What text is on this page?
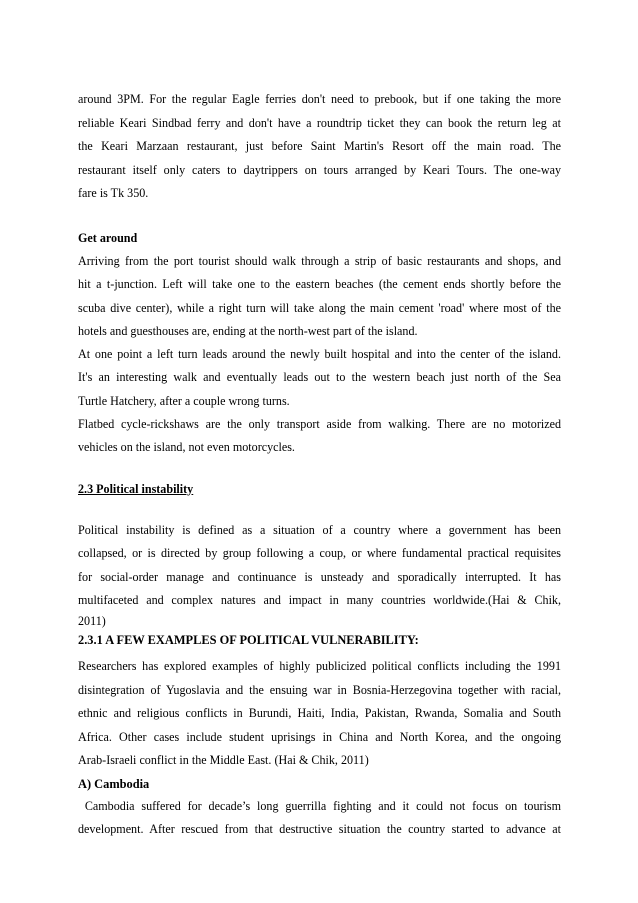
around 3PM. For the regular Eagle ferries don't need to prebook, but if one taking the more
reliable Keari Sindbad ferry and don't have a roundtrip ticket they can book the return leg at
the Keari Marzaan restaurant, just before Saint Martin's Resort off the main road. The
restaurant itself only caters to daytrippers on tours arranged by Keari Tours. The one-way
fare is Tk 350.
Get around
Arriving from the port tourist should walk through a strip of basic restaurants and shops, and
hit a t-junction. Left will take one to the eastern beaches (the cement ends shortly before the
scuba dive center), while a right turn will take along the main cement 'road' where most of the
hotels and guesthouses are, ending at the north-west part of the island.
At one point a left turn leads around the newly built hospital and into the center of the island.
It's an interesting walk and eventually leads out to the western beach just north of the Sea
Turtle Hatchery, after a couple wrong turns.
Flatbed cycle-rickshaws are the only transport aside from walking. There are no motorized
vehicles on the island, not even motorcycles.
2.3 Political instability
Political instability is defined as a situation of a country where a government has been
collapsed, or is directed by group following a coup, or where fundamental practical requisites
for social-order manage and continuance is unsteady and sporadically interrupted. It has
multifaceted and complex natures and impact in many countries worldwide.(Hai & Chik,
2011)
2.3.1 A FEW EXAMPLES OF POLITICAL VULNERABILITY:
Researchers has explored examples of highly publicized political conflicts including the 1991
disintegration of Yugoslavia and the ensuing war in Bosnia-Herzegovina together with racial,
ethnic and religious conflicts in Burundi, Haiti, India, Pakistan, Rwanda, Somalia and South
Africa. Other cases include student uprisings in China and North Korea, and the ongoing
Arab-Israeli conflict in the Middle East. (Hai & Chik, 2011)
A) Cambodia
Cambodia suffered for decade’s long guerrilla fighting and it could not focus on tourism
development. After rescued from that destructive situation the country started to advance at
